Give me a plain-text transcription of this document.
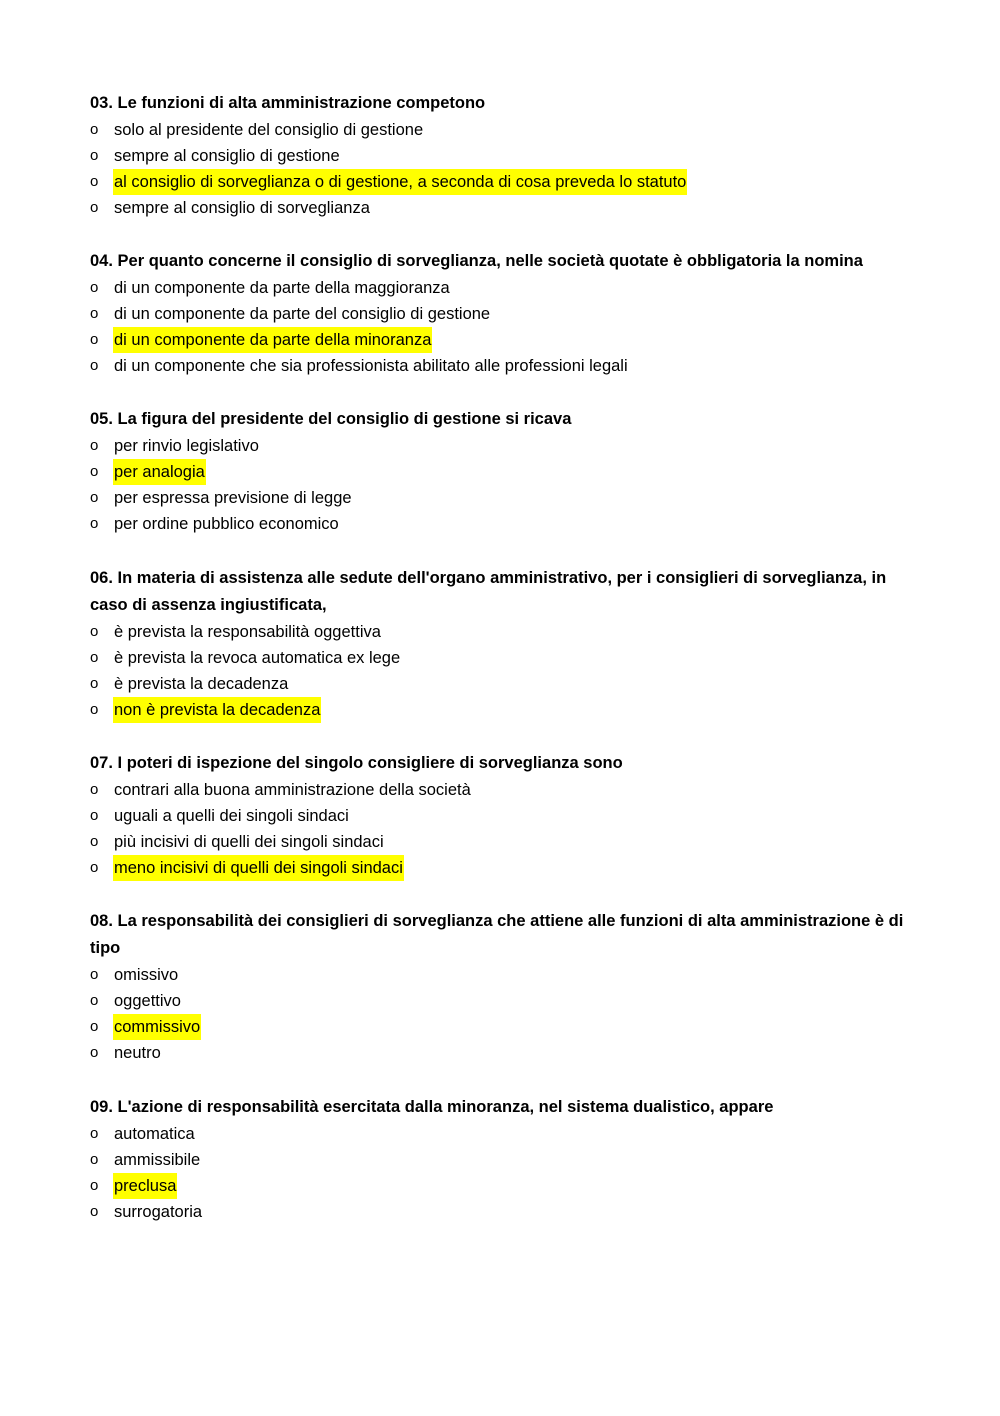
03. Le funzioni di alta amministrazione competono
o solo al presidente del consiglio di gestione
o sempre al consiglio di gestione
o al consiglio di sorveglianza o di gestione, a seconda di cosa preveda lo statuto
o sempre al consiglio di sorveglianza
04. Per quanto concerne il consiglio di sorveglianza, nelle società quotate è obbligatoria la nomina
o di un componente da parte della maggioranza
o di un componente da parte del consiglio di gestione
o di un componente da parte della minoranza
o di un componente che sia professionista abilitato alle professioni legali
05. La figura del presidente del consiglio di gestione si ricava
o per rinvio legislativo
o per analogia
o per espressa previsione di legge
o per ordine pubblico economico
06. In materia di assistenza alle sedute dell'organo amministrativo, per i consiglieri di sorveglianza, in caso di assenza ingiustificata,
o è prevista la responsabilità oggettiva
o è prevista la revoca automatica ex lege
o è prevista la decadenza
o non è prevista la decadenza
07. I poteri di ispezione del singolo consigliere di sorveglianza sono
o contrari alla buona amministrazione della società
o uguali a quelli dei singoli sindaci
o più incisivi di quelli dei singoli sindaci
o meno incisivi di quelli dei singoli sindaci
08. La responsabilità dei consiglieri di sorveglianza che attiene alle funzioni di alta amministrazione è di tipo
o omissivo
o oggettivo
o commissivo
o neutro
09. L'azione di responsabilità esercitata dalla minoranza, nel sistema dualistico, appare
o automatica
o ammissibile
o preclusa
o surrogatoria
